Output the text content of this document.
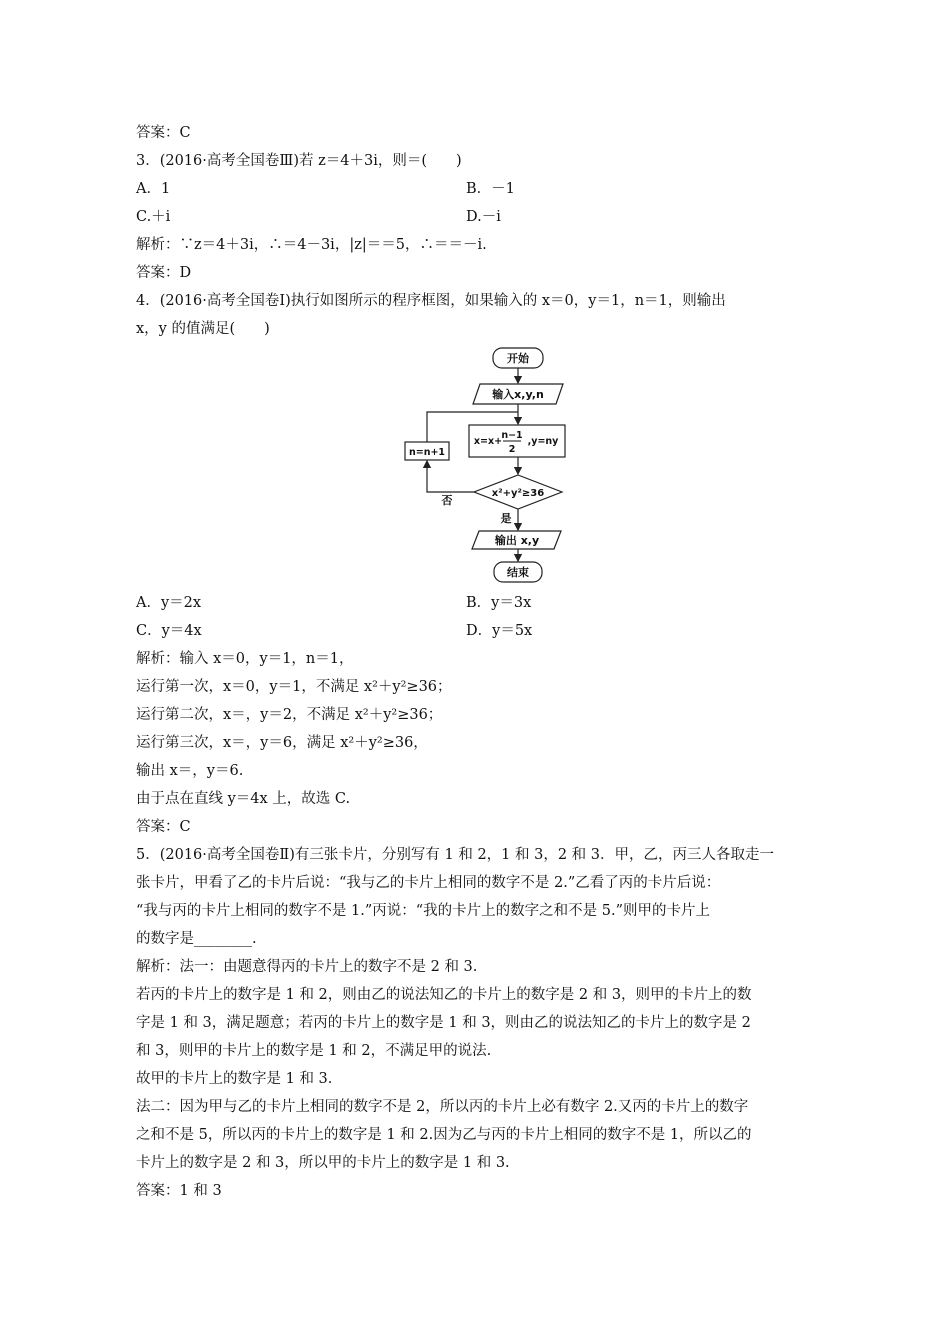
答案：C
3．(2016·高考全国卷Ⅲ)若 z＝4＋3i，则＝(　　)
A．1	B．－1
C.＋i	D.－i
解析：∵z＝4＋3i，∴＝4－3i，|z|＝＝5，∴＝＝－i.
答案：D
4．(2016·高考全国卷Ⅰ)执行如图所示的程序框图，如果输入的 x＝0，y＝1，n＝1，则输出
x，y 的值满足(　　)
开始
输入x,y,n
x=x+
n−1
2
,y=ny
x²+y²≥36
n=n+1
否
是
输出 x,y
结束
A．y＝2x	B．y＝3x
C．y＝4x	D．y＝5x
解析：输入 x＝0，y＝1，n＝1，
运行第一次，x＝0，y＝1，不满足 x²＋y²≥36；
运行第二次，x＝，y＝2，不满足 x²＋y²≥36；
运行第三次，x＝，y＝6，满足 x²＋y²≥36，
输出 x＝，y＝6.
由于点在直线 y＝4x 上，故选 C.
答案：C
5．(2016·高考全国卷Ⅱ)有三张卡片，分别写有 1 和 2，1 和 3，2 和 3．甲，乙，丙三人各取走一
张卡片，甲看了乙的卡片后说：“我与乙的卡片上相同的数字不是 2.”乙看了丙的卡片后说：
“我与丙的卡片上相同的数字不是 1.”丙说：“我的卡片上的数字之和不是 5.”则甲的卡片上
的数字是________.
解析：法一：由题意得丙的卡片上的数字不是 2 和 3.
若丙的卡片上的数字是 1 和 2，则由乙的说法知乙的卡片上的数字是 2 和 3，则甲的卡片上的数
字是 1 和 3，满足题意；若丙的卡片上的数字是 1 和 3，则由乙的说法知乙的卡片上的数字是 2
和 3，则甲的卡片上的数字是 1 和 2，不满足甲的说法.
故甲的卡片上的数字是 1 和 3.
法二：因为甲与乙的卡片上相同的数字不是 2，所以丙的卡片上必有数字 2.又丙的卡片上的数字
之和不是 5，所以丙的卡片上的数字是 1 和 2.因为乙与丙的卡片上相同的数字不是 1，所以乙的
卡片上的数字是 2 和 3，所以甲的卡片上的数字是 1 和 3.
答案：1 和 3
